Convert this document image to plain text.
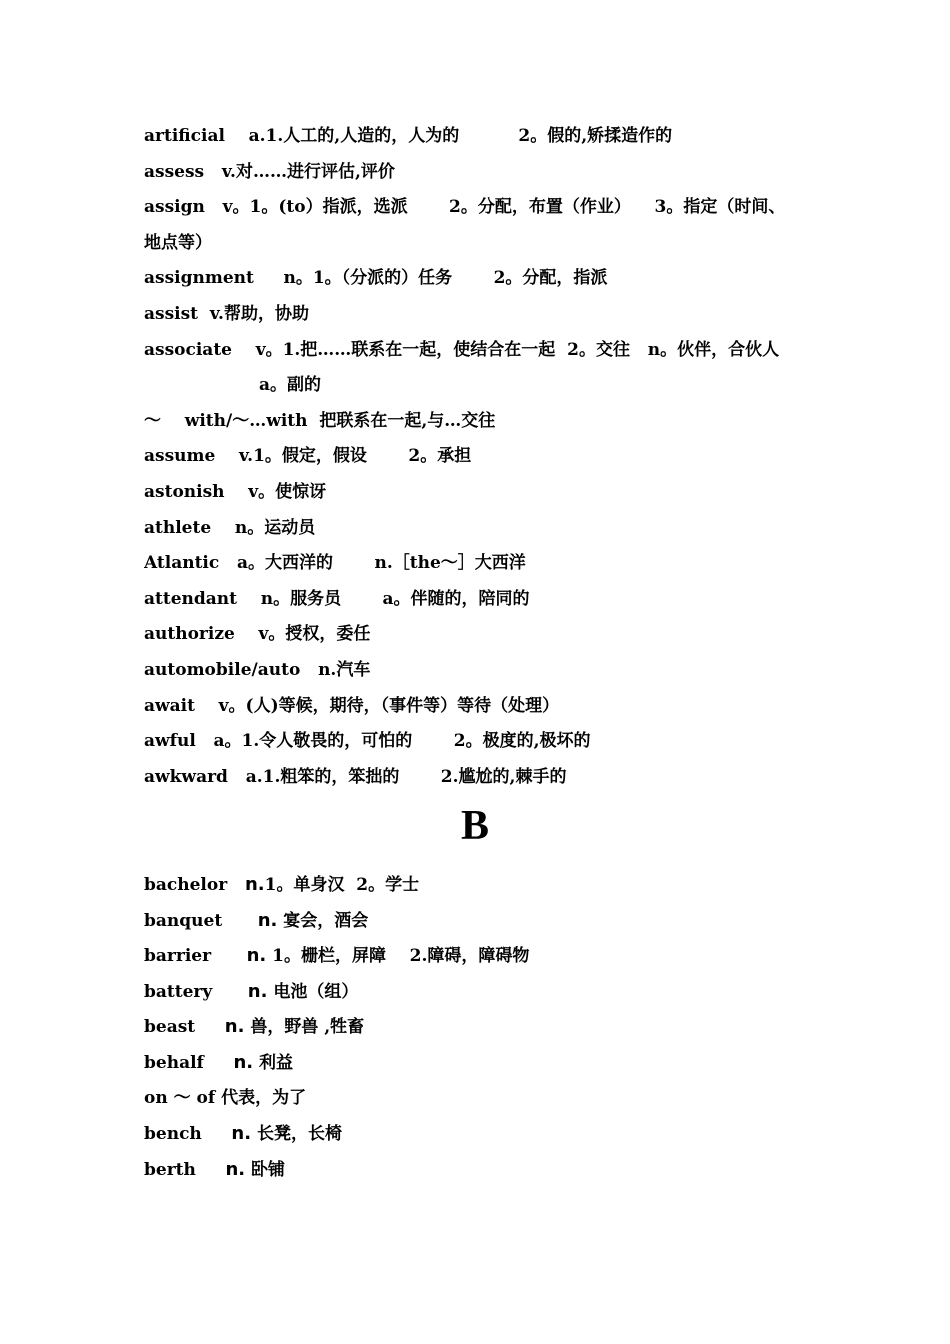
artificial a.1.人工的,人造的，人为的          2。假的,矫揉造作的
assess v.对……进行评估,评价
assign v。1。(to）指派，选派       2。分配，布置（作业）    3。指定（时间、
地点等）
assignment n。1。（分派的）任务       2。分配，指派
assist v.帮助，协助
associate v。1.把……联系在一起，使结合在一起  2。交往   n。伙伴，合伙人
a。副的
～ with/～…with  把联系在一起,与…交往
assume v.1。假定，假设       2。承担
astonish v。使惊讶
athlete n。运动员
Atlantic a。大西洋的       n.［the～］大西洋
attendant n。服务员       a。伴随的，陪同的
authorize v。授权，委任
automobile/auto n.汽车
await v。(人)等候，期待，（事件等）等待（处理）
awful a。1.令人敬畏的，可怕的       2。极度的,极坏的
awkward a.1.粗笨的，笨拙的       2.尴尬的,棘手的
B
bachelor n.1。单身汉  2。学士
banquet n. 宴会，酒会
barrier n. 1。栅栏，屏障    2.障碍，障碍物
battery n. 电池（组）
beast n. 兽，野兽 ,牲畜
behalf n. 利益
on ～ of 代表，为了
bench n. 长凳，长椅
berth n. 卧铺
